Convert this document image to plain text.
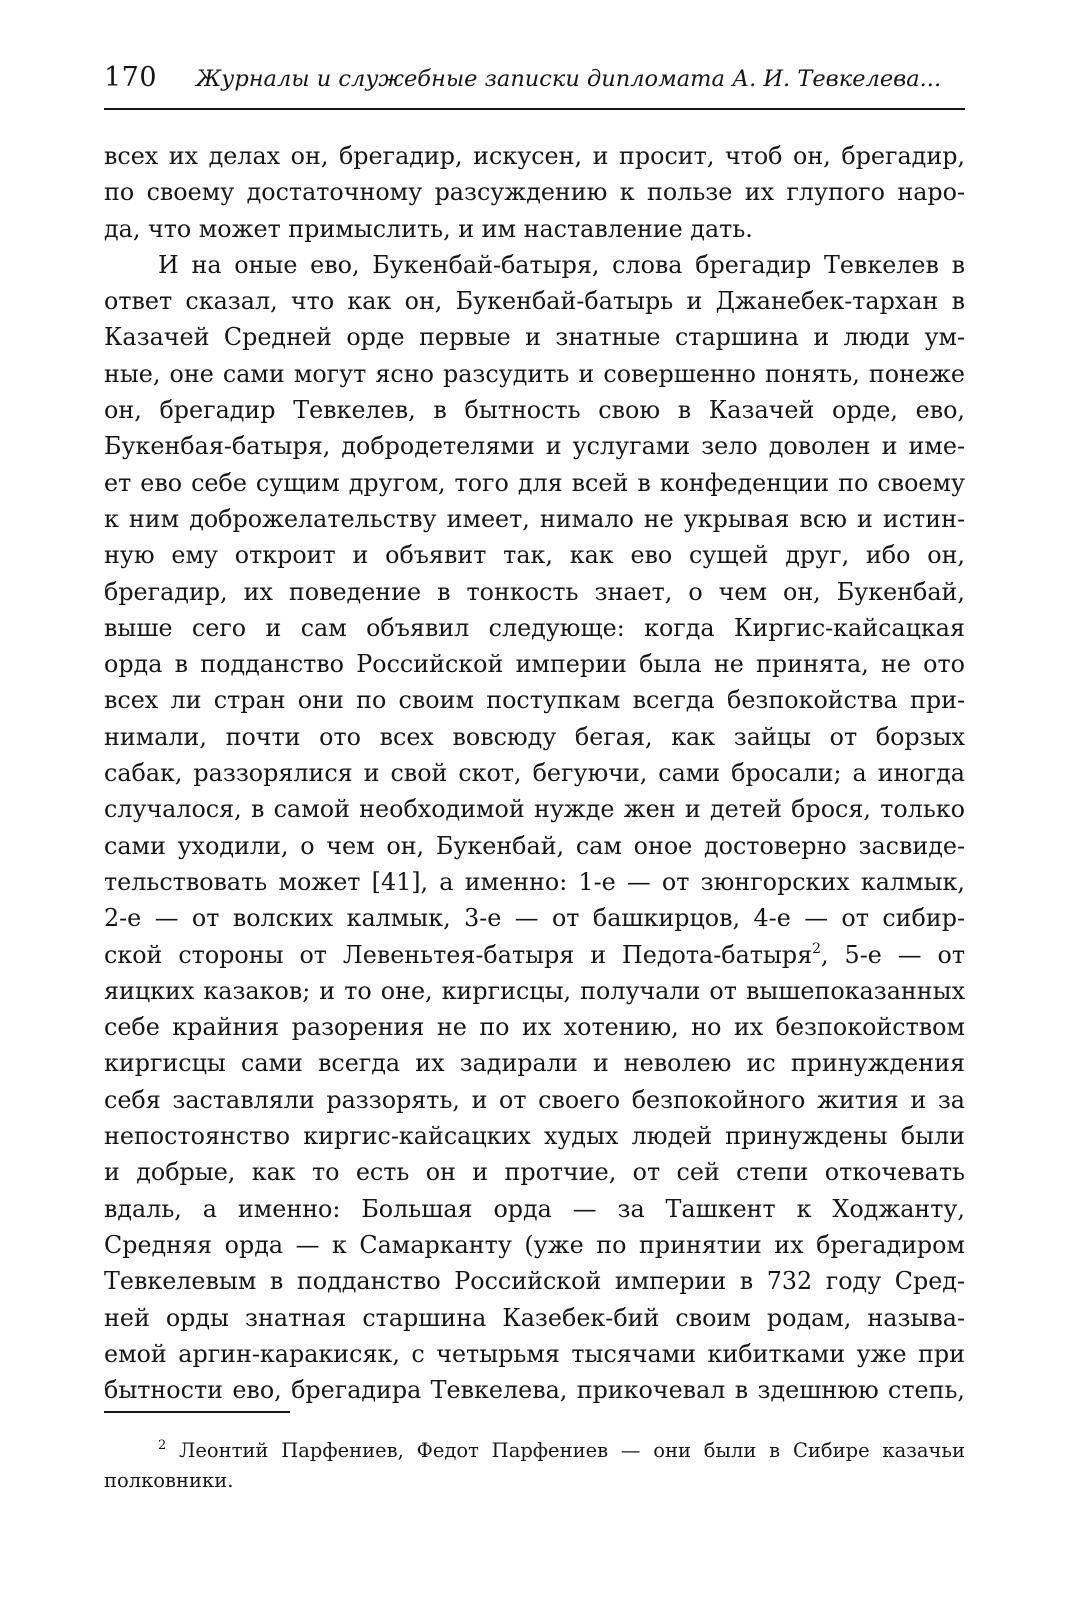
170 Журналы и служебные записки дипломата А. И. Тевкелева...
всех их делах он, брегадир, искусен, и просит, чтоб он, брегадир,
по своему достаточному разсуждению к пользе их глупого наро-
да, что может примыслить, и им наставление дать.
И на оные ево, Букенбай-батыря, слова брегадир Тевкелев в
ответ сказал, что как он, Букенбай-батырь и Джанебек-тархан в
Казачей Средней орде первые и знатные старшина и люди ум-
ные, оне сами могут ясно разсудить и совершенно понять, понеже
он, брегадир Тевкелев, в бытность свою в Казачей орде, ево,
Букенбая-батыря, добродетелями и услугами зело доволен и име-
ет ево себе сущим другом, того для всей в конфеденции по своему
к ним доброжелательству имеет, нимало не укрывая всю и истин-
ную ему откроит и объявит так, как ево сущей друг, ибо он,
брегадир, их поведение в тонкость знает, о чем он, Букенбай,
выше сего и сам объявил следующе: когда Киргис-кайсацкая
орда в подданство Российской империи была не принята, не ото
всех ли стран они по своим поступкам всегда безпокойства при-
нимали, почти ото всех вовсюду бегая, как зайцы от борзых
сабак, раззорялися и свой скот, бегуючи, сами бросали; а иногда
случалося, в самой необходимой нужде жен и детей брося, только
сами уходили, о чем он, Букенбай, сам оное достоверно засвиде-
тельствовать может [41], а именно: 1-е — от зюнгорских калмык,
2-е — от волских калмык, 3-е — от башкирцов, 4-е — от сибир-
ской стороны от Левеньтея-батыря и Педота-батыря$^2$, 5-е — от
яицких казаков; и то оне, киргисцы, получали от вышепоказанных
себе крайния разорения не по их хотению, но их безпокойством
киргисцы сами всегда их задирали и неволею ис принуждения
себя заставляли раззорять, и от своего безпокойного жития и за
непостоянство киргис-кайсацких худых людей принуждены были
и добрые, как то есть он и протчие, от сей степи откочевать
вдаль, а именно: Большая орда — за Ташкент к Ходжанту,
Средняя орда — к Самарканту (уже по принятии их брегадиром
Тевкелевым в подданство Российской империи в 732 году Сред-
ней орды знатная старшина Казебек-бий своим родам, называ-
емой аргин-каракисяк, с четырьмя тысячами кибитками уже при
бытности ево, брегадира Тевкелева, прикочевал в здешнюю степь,
$^2$ Леонтий Парфениев, Федот Парфениев — они были в Сибире казачьи
полковники.
